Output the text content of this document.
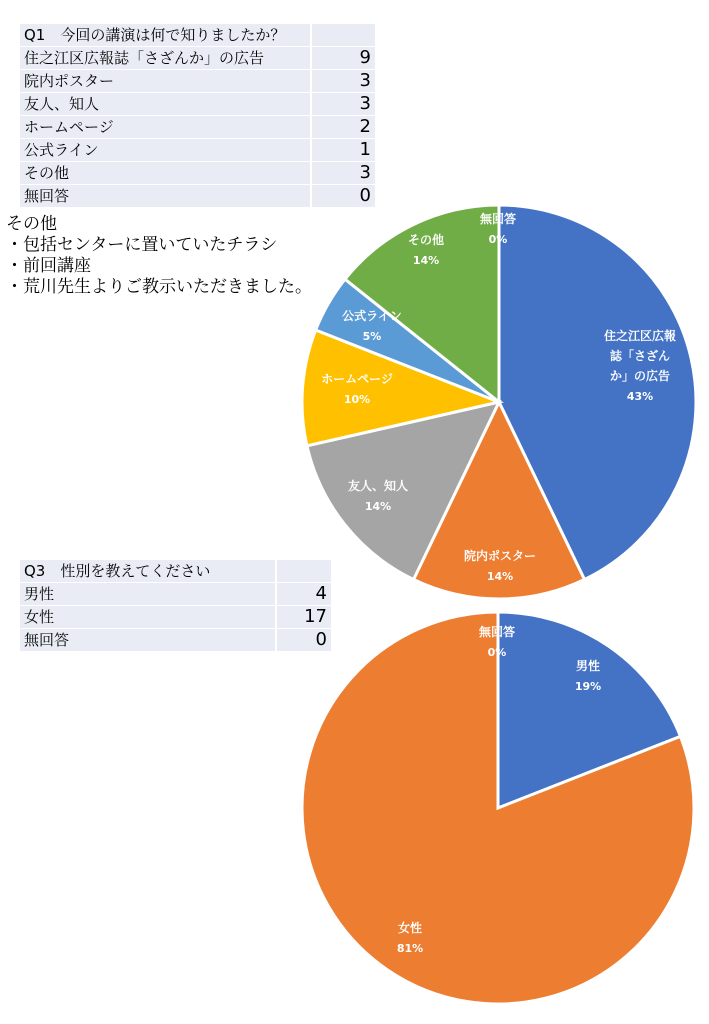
Q1　今回の講演は何で知りましたか？	
住之江区広報誌「さざんか」の広告	9
院内ポスター	3
友人、知人	3
ホームページ	2
公式ライン	1
その他	3
無回答	0
その他
・包括センターに置いていたチラシ
・前回講座
・荒川先生よりご教示いただきました。
住之江区広報誌「さざんか」の広告 43%
院内ポスター 14%
友人、知人 14%
ホームページ 10%
公式ライン 5%
その他 14%
無回答 0%
Q3　性別を教えてください	
男性	4
女性	17
無回答	0
男性 19%
女性 81%
無回答 0%
